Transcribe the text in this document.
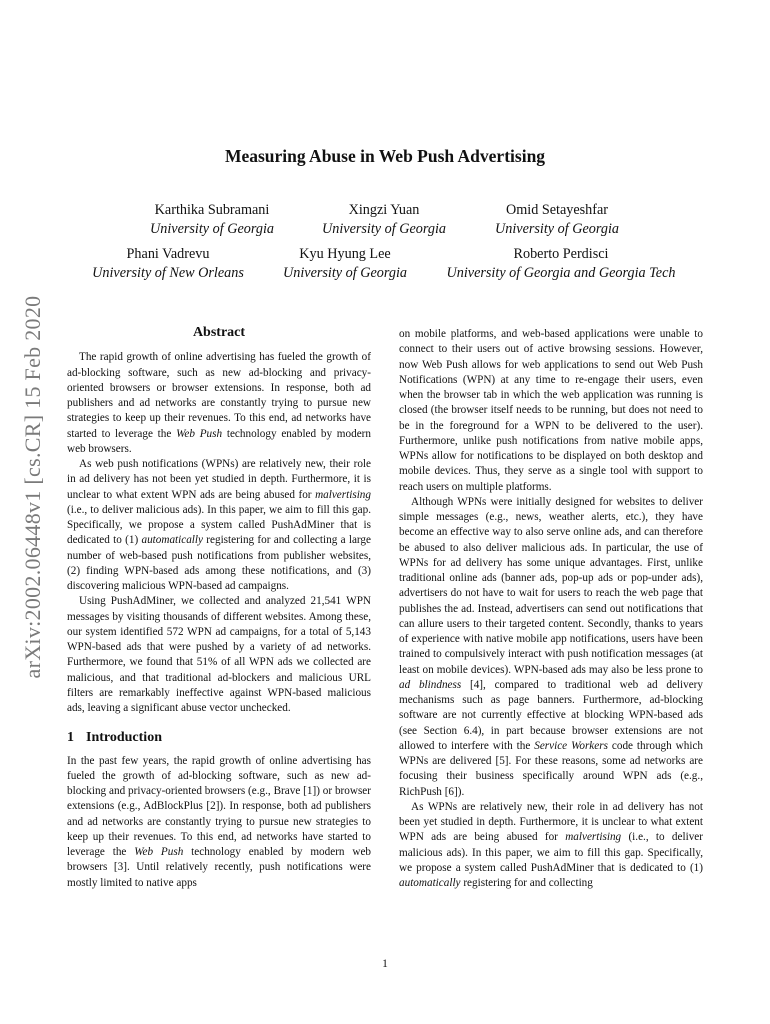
arXiv:2002.06448v1 [cs.CR] 15 Feb 2020
Measuring Abuse in Web Push Advertising
Karthika Subramani
University of Georgia
Xingzi Yuan
University of Georgia
Omid Setayeshfar
University of Georgia
Phani Vadrevu
University of New Orleans
Kyu Hyung Lee
University of Georgia
Roberto Perdisci
University of Georgia and Georgia Tech
Abstract

The rapid growth of online advertising has fueled the growth of ad-blocking software, such as new ad-blocking and privacy-oriented browsers or browser extensions. In response, both ad publishers and ad networks are constantly trying to pursue new strategies to keep up their revenues. To this end, ad networks have started to leverage the Web Push technology enabled by modern web browsers.

As web push notifications (WPNs) are relatively new, their role in ad delivery has not been yet studied in depth. Furthermore, it is unclear to what extent WPN ads are being abused for malvertising (i.e., to deliver malicious ads). In this paper, we aim to fill this gap. Specifically, we propose a system called PushAdMiner that is dedicated to (1) automatically registering for and collecting a large number of web-based push notifications from publisher websites, (2) finding WPN-based ads among these notifications, and (3) discovering malicious WPN-based ad campaigns.

Using PushAdMiner, we collected and analyzed 21,541 WPN messages by visiting thousands of different websites. Among these, our system identified 572 WPN ad campaigns, for a total of 5,143 WPN-based ads that were pushed by a variety of ad networks. Furthermore, we found that 51% of all WPN ads we collected are malicious, and that traditional ad-blockers and malicious URL filters are remarkably ineffective against WPN-based malicious ads, leaving a significant abuse vector unchecked.

1 Introduction

In the past few years, the rapid growth of online advertising has fueled the growth of ad-blocking software, such as new ad-blocking and privacy-oriented browsers (e.g., Brave [1]) or browser extensions (e.g., AdBlockPlus [2]). In response, both ad publishers and ad networks are constantly trying to pursue new strategies to keep up their revenues. To this end, ad networks have started to leverage the Web Push technology enabled by modern web browsers [3]. Until relatively recently, push notifications were mostly limited to native apps

on mobile platforms, and web-based applications were unable to connect to their users out of active browsing sessions. However, now Web Push allows for web applications to send out Web Push Notifications (WPN) at any time to re-engage their users, even when the browser tab in which the web application was running is closed (the browser itself needs to be running, but does not need to be in the foreground for a WPN to be delivered to the user). Furthermore, unlike push notifications from native mobile apps, WPNs allow for notifications to be displayed on both desktop and mobile devices. Thus, they serve as a single tool with support to reach users on multiple platforms.

Although WPNs were initially designed for websites to deliver simple messages (e.g., news, weather alerts, etc.), they have become an effective way to also serve online ads, and can therefore be abused to also deliver malicious ads. In particular, the use of WPNs for ad delivery has some unique advantages. First, unlike traditional online ads (banner ads, pop-up ads or pop-under ads), advertisers do not have to wait for users to reach the web page that publishes the ad. Instead, advertisers can send out notifications that can allure users to their targeted content. Secondly, thanks to years of experience with native mobile app notifications, users have been trained to compulsively interact with push notification messages (at least on mobile devices). WPN-based ads may also be less prone to ad blindness [4], compared to traditional web ad delivery mechanisms such as page banners. Furthermore, ad-blocking software are not currently effective at blocking WPN-based ads (see Section 6.4), in part because browser extensions are not allowed to interfere with the Service Workers code through which WPNs are delivered [5]. For these reasons, some ad networks are focusing their business specifically around WPN ads (e.g., RichPush [6]).

As WPNs are relatively new, their role in ad delivery has not been yet studied in depth. Furthermore, it is unclear to what extent WPN ads are being abused for malvertising (i.e., to deliver malicious ads). In this paper, we aim to fill this gap. Specifically, we propose a system called PushAdMiner that is dedicated to (1) automatically registering for and collecting

1
